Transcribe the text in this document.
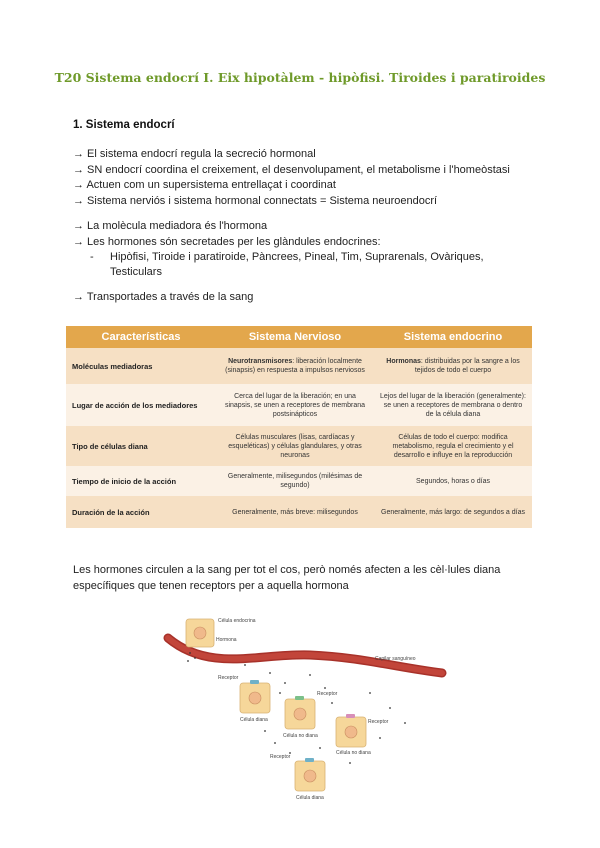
T20 Sistema endocrí I. Eix hipotàlem - hipòfisi. Tiroides i paratiroides
1. Sistema endocrí
→ El sistema endocrí regula la secreció hormonal
→ SN endocrí coordina el creixement, el desenvolupament, el metabolisme i l'homeòstasi
→ Actuen com un supersistema entrellaçat i coordinat
→ Sistema nerviós i sistema hormonal connectats = Sistema neuroendocrí
→ La molècula mediadora és l'hormona
→ Les hormones són secretades per les glàndules endocrines:
-	Hipòfisi, Tiroide i paratiroide, Pàncrees, Pineal, Tim, Suprarenals, Ovàriques, Testiculars
→ Transportades a través de la sang
Características	Sistema Nervioso	Sistema endocrino
Moléculas mediadoras	Neurotransmisores: liberación localmente (sinapsis) en respuesta a impulsos nerviosos	Hormonas: distribuidas por la sangre a los tejidos de todo el cuerpo
Lugar de acción de los mediadores	Cerca del lugar de la liberación; en una sinapsis, se unen a receptores de membrana postsinápticos	Lejos del lugar de la liberación (generalmente): se unen a receptores de membrana o dentro de la célula diana
Tipo de células diana	Células musculares (lisas, cardíacas y esqueléticas) y células glandulares, y otras neuronas	Células de todo el cuerpo: modifica metabolismo, regula el crecimiento y el desarrollo e influye en la reproducción
Tiempo de inicio de la acción	Generalmente, milisegundos (milésimas de segundo)	Segundos, horas o días
Duración de la acción	Generalmente, más breve: milisegundos	Generalmente, más largo: de segundos a días
Les hormones circulen a la sang per tot el cos, però només afecten a les cèl·lules diana específiques que tenen receptors per a aquella hormona
Célula endocrina
Hormona
Capilar sanguíneo
Receptor
Célula diana
Receptor
Célula no diana
Receptor
Célula no diana
Receptor
Célula diana
